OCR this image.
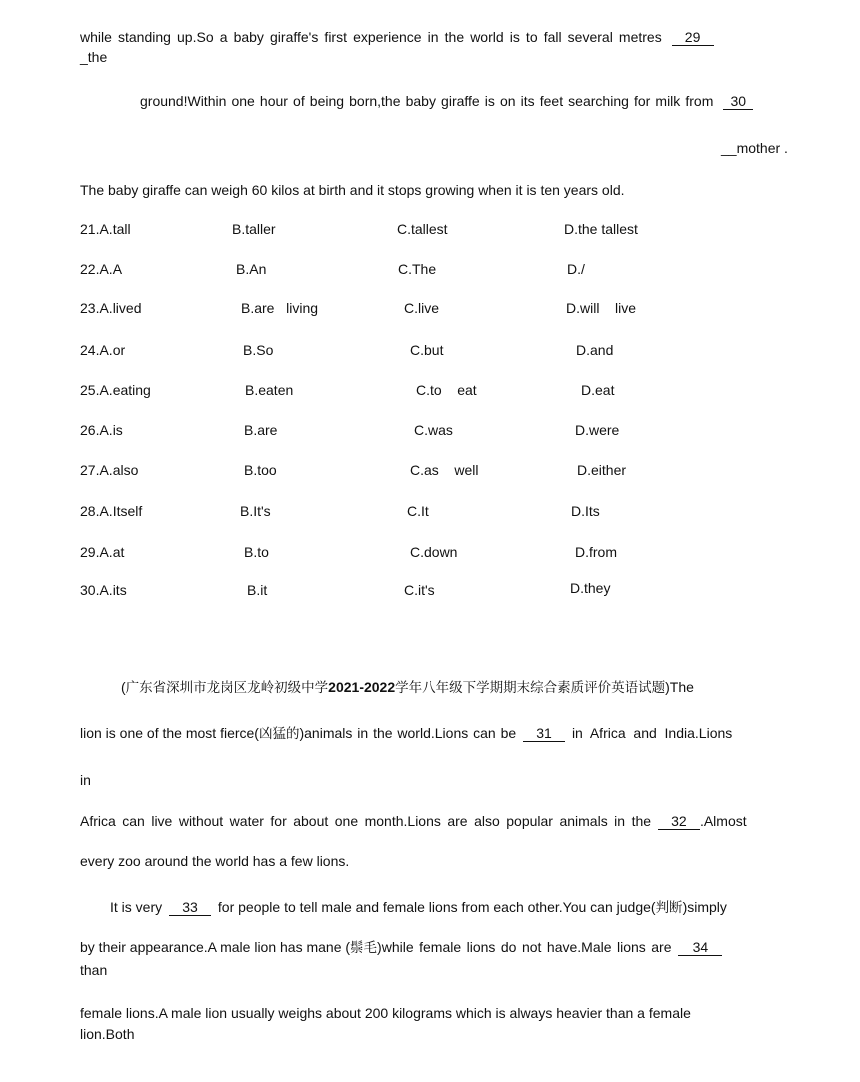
while standing up.So a baby giraffe's first experience in the world is to fall several metres 29
_the
ground!Within one hour of being born,the baby giraffe is on its feet searching for milk from 30
__mother .
The baby giraffe can weigh 60 kilos at birth and it stops growing when it is ten years old.
21.A.tall	B.taller	C.tallest	D.the tallest
22.A.A	B.An	C.The	D./
23.A.lived	B.are   living	C.live	D.will    live
24.A.or	B.So	C.but	D.and
25.A.eating	B.eaten	C.to    eat	D.eat
26.A.is	B.are	C.was	D.were
27.A.also	B.too	C.as    well	D.either
28.A.Itself	B.It's	C.It	D.Its
29.A.at	B.to	C.down	D.from
30.A.its	B.it	C.it's	D.they
(广东省深圳市龙岗区龙岭初级中学2021-2022学年八年级下学期期末综合素质评价英语试题)The
lion is one of the most fierce(凶猛的)animals in the world.Lions can be 31 in  Africa  and  India.Lions
in
Africa can live without water for about one month.Lions are also popular animals in the 32 .Almost
every zoo around the world has a few lions.
It is very 33 for people to tell male and female lions from each other.You can judge(判断)simply
by their appearance.A male lion has mane (鬃毛)while female lions do not have.Male lions are 34
than
female lions.A male lion usually weighs about 200 kilograms which is always heavier than a female
lion.Both
